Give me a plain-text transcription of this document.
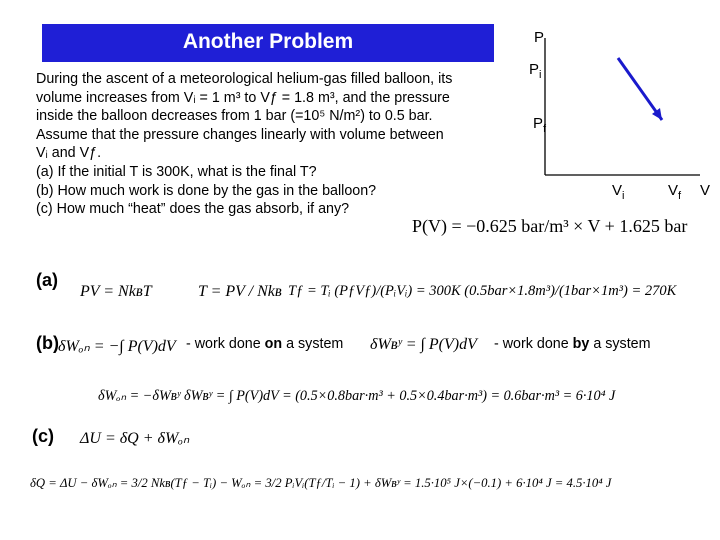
Another Problem
During the ascent of a meteorological helium-gas filled balloon, its
volume increases from Vᵢ = 1 m³ to Vƒ = 1.8 m³, and the pressure
inside the balloon decreases from 1 bar (=10⁵ N/m²) to 0.5 bar.
Assume that the pressure changes linearly with volume between
Vᵢ and Vƒ.
(a) If the initial T is 300K, what is the final T?
(b) How much work is done by the gas in the balloon?
(c) How much “heat” does the gas absorb, if any?
P
$P_i$
$P_f$
$V_i$	$V_f$ V
P(V) = −0.625 bar/m³ × V + 1.625 bar
(a)
PV = NkʙT	T = PV / Nkʙ Tƒ = Tᵢ (PƒVƒ)/(PᵢVᵢ) = 300K (0.5bar×1.8m³)/(1bar×1m³) = 270K
(b) δWₒₙ = −∫ P(V)dV - work done on a system δWʙʸ = ∫ P(V)dV - work done by a system
δWₒₙ = −δWʙʸ δWʙʸ = ∫ P(V)dV = (0.5×0.8bar·m³ + 0.5×0.4bar·m³) = 0.6bar·m³ = 6·10⁴ J
(c) ΔU = δQ + δWₒₙ
δQ = ΔU − δWₒₙ = 3/2 Nkʙ(Tƒ − Tᵢ) − Wₒₙ = 3/2 PᵢVᵢ(Tƒ/Tᵢ − 1) + δWʙʸ = 1.5·10⁵ J×(−0.1) + 6·10⁴ J = 4.5·10⁴ J
